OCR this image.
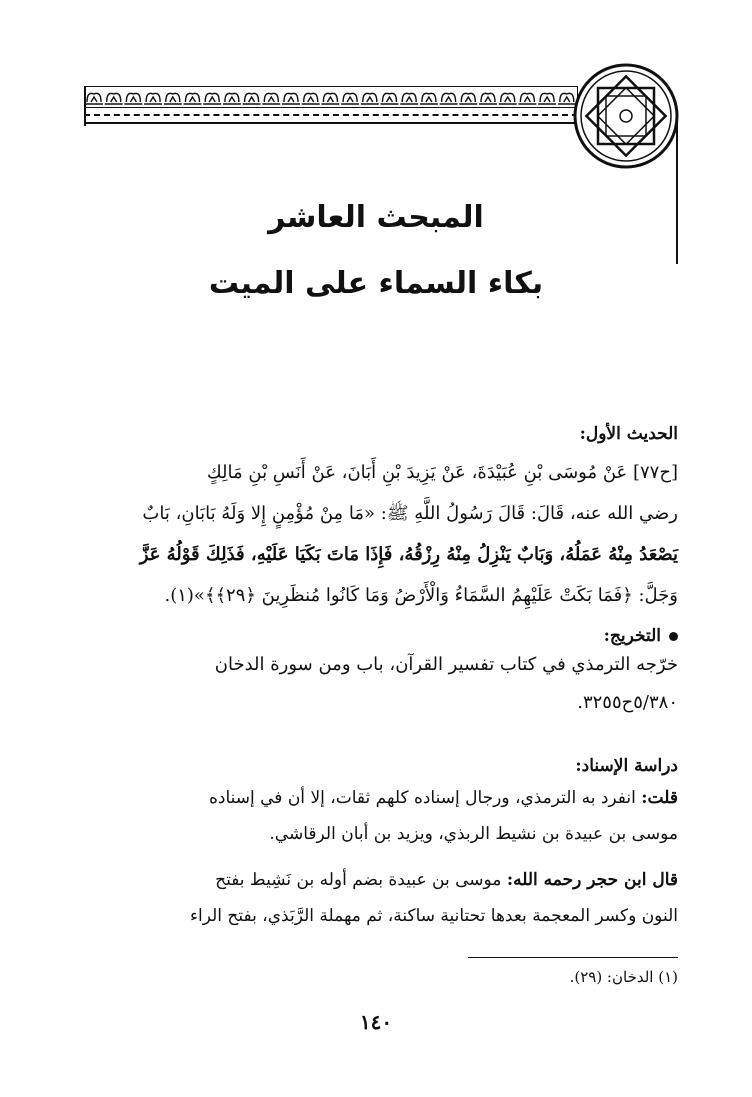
المبحث العاشر
بكاء السماء على الميت
الحديث الأول:
[ح٧٧] عَنْ مُوسَى بْنِ عُبَيْدَةَ، عَنْ يَزِيدَ بْنِ أَبَانَ، عَنْ أَنَسِ بْنِ مَالِكٍ
رضي الله عنه، قَالَ: قَالَ رَسُولُ اللَّهِ ﷺ: «مَا مِنْ مُؤْمِنٍ إِلا وَلَهُ بَابَانِ، بَابٌ
يَصْعَدُ مِنْهُ عَمَلُهُ، وَبَابٌ يَنْزِلُ مِنْهُ رِزْقُهُ، فَإِذَا مَاتَ بَكَيَا عَلَيْهِ، فَذَلِكَ قَوْلُهُ عَزَّ
وَجَلَّ: ﴿فَمَا بَكَتْ عَلَيْهِمُ السَّمَاءُ وَالْأَرْضُ وَمَا كَانُوا مُنظَرِينَ ﴿٢٩﴾﴾»(١).
التخريج:
خرّجه الترمذي في كتاب تفسير القرآن، باب ومن سورة الدخان
٥/٣٨٠ح٣٢٥٥.
دراسة الإسناد:
قلت: انفرد به الترمذي، ورجال إسناده كلهم ثقات، إلا أن في إسناده
موسى بن عبيدة بن نشيط الربذي، ويزيد بن أبان الرقاشي.
قال ابن حجر رحمه الله: موسى بن عبيدة بضم أوله بن نَشِيط بفتح
النون وكسر المعجمة بعدها تحتانية ساكنة، ثم مهملة الرَّبَذي، بفتح الراء
(١) الدخان: (٢٩).
١٤٠
